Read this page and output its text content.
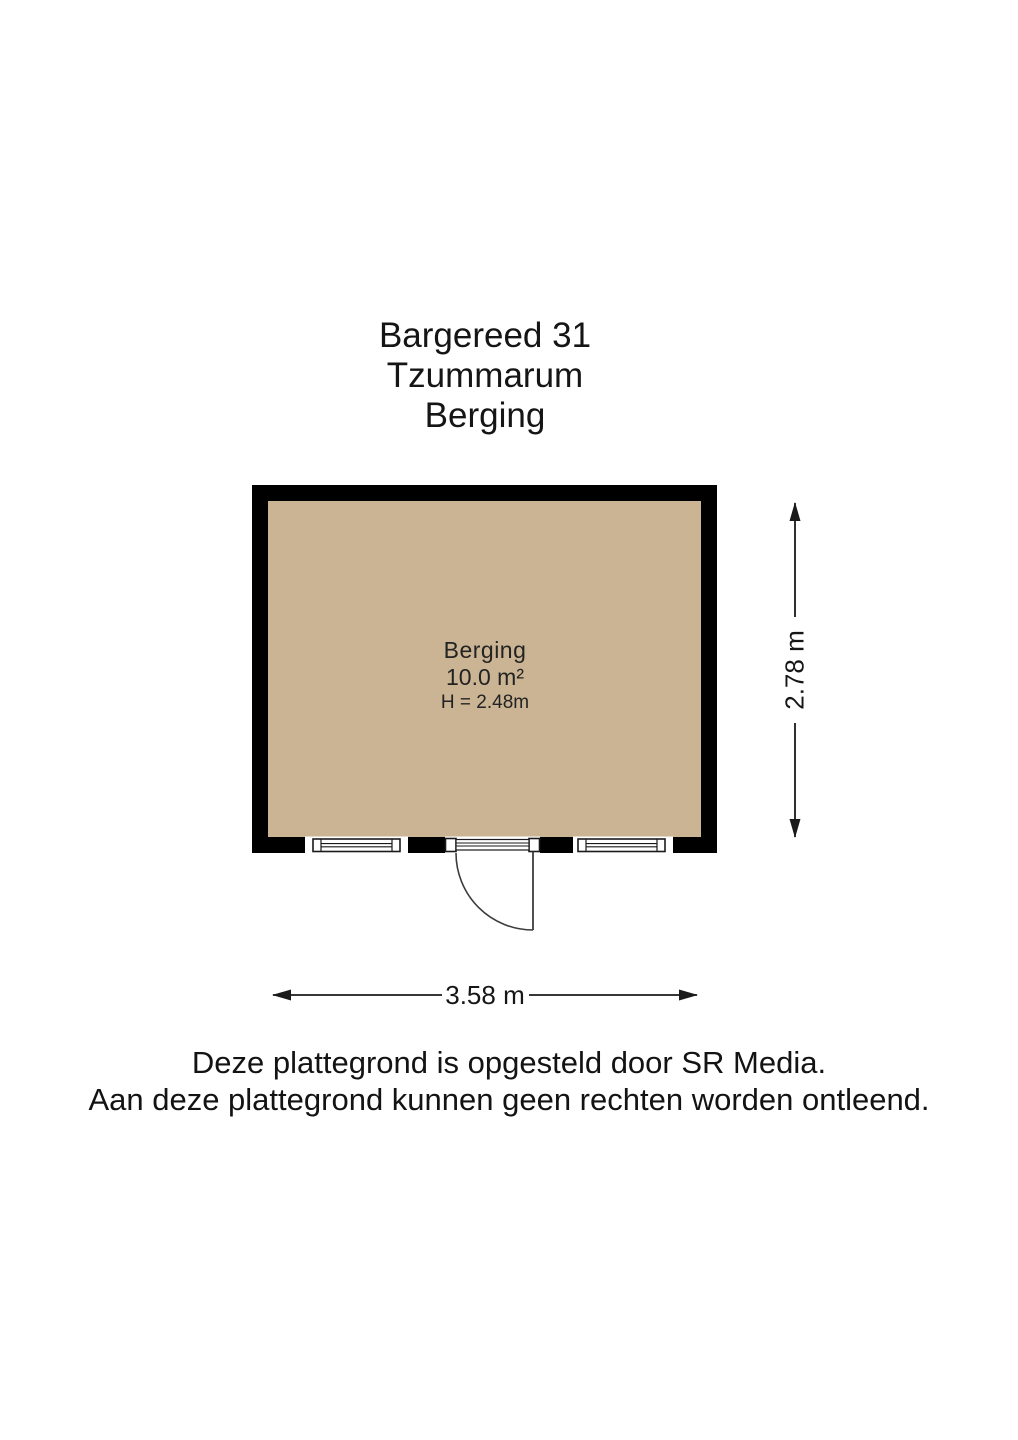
Bargereed 31
Tzummarum
Berging
Berging
10.0 m²
H = 2.48m	2.78 m
3.58 m
Deze plattegrond is opgesteld door SR Media.
Aan deze plattegrond kunnen geen rechten worden ontleend.
